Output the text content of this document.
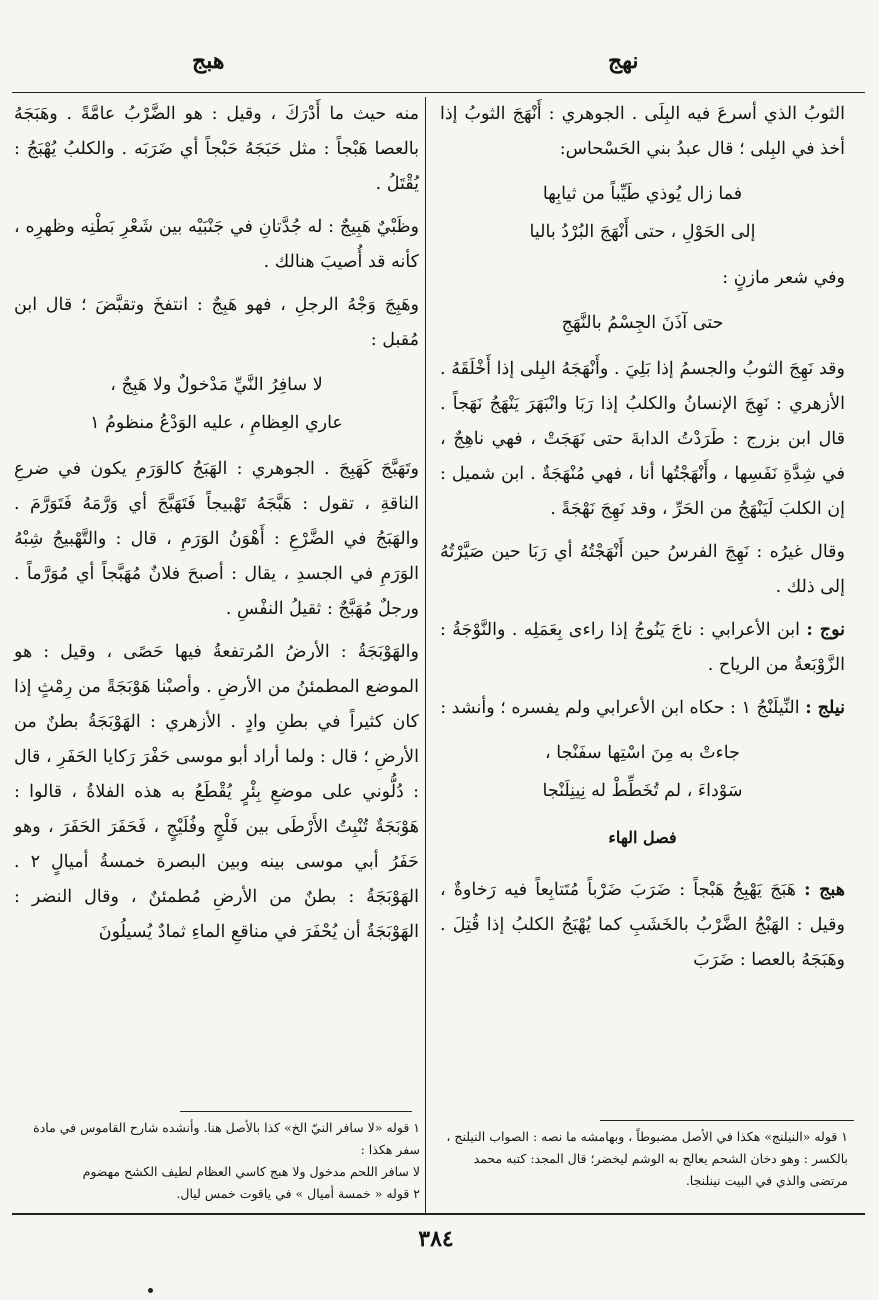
نهج
هبج

الثوبُ الذي أسرعَ فيه البِلَى . الجوهري : أَنْهَجَ الثوبُ إذا أخذ في البِلى ؛ قال عبدُ بني الحَسْحاس:

فما زال يُوذي طَيِّباً من ثيابِها
إلى الحَوْلِ ، حتى أَنْهَجَ البُرْدُ باليا

وفي شعر مازنٍ :

حتى آذَنَ الجِسْمُ بالنَّهَجِ

وقد نَهِجَ الثوبُ والجسمُ إذا بَلِيَ . وأَنْهَجَهُ البِلى إذا أَخْلَقَهُ . الأزهري : نَهِجَ الإنسانُ والكلبُ إذا رَبَا وانْبَهَرَ يَنْهَجُ نَهَجاً . قال ابن بزرج : طَرَدْتُ الدابةَ حتى نَهَجَتْ ، فهي ناهِجٌ ، في شِدَّةِ نَفَسِها ، وأَنْهَجْتُها أنا ، فهي مُنْهَجَةٌ . ابن شميل : إن الكلبَ لَيَنْهَجُ من الحَرِّ ، وقد نَهِجَ نَهْجَةً .

وقال غيرُه : نَهِجَ الفرسُ حين أَنْهَجْتُهُ أي رَبَا حين صَيَّرْتُهُ إلى ذلك .

نوج : ابن الأعرابي : ناجَ يَنُوجُ إذا راءى بِعَمَلِه . والنَّوْجَةُ : الزَّوْبَعةُ من الرياح .

نيلج : النِّيلَنْجُ ١ : حكاه ابن الأعرابي ولم يفسره ؛ وأنشد :

جاءتْ به مِنَ اسْتِها سفَنْجا ،
سَوْداءَ ، لم تُخَطِّطْ له نِينِلَنْجا
فصل الهاء

هبج : هَبَجَ يَهْبِجُ هَبْجاً : ضَرَبَ ضَرْباً مُتَتابِعاً فيه رَخاوةٌ ، وقيل : الهَبْجُ الضَّرْبُ بالخَشَبِ كما يُهْبَجُ الكلبُ إذا قُتِلَ . وهَبَجَهُ بالعصا : ضَرَبَ

منه حيث ما أَدْرَكَ ، وقيل : هو الضَّرْبُ عامَّةً . وهَبَجَهُ بالعصا هَبْجاً : مثل حَبَجَهُ حَبْجاً أي ضَرَبَه . والكلبُ يُهْبَجُ : يُقْتَلُ .

وظَبْيٌ هَبِيجٌ : له جُدَّتانِ في جَنْبَيْه بين شَعْرِ بَطْنِه وظهرِه ، كأنه قد أُصيبَ هنالك .

وهَبِجَ وَجْهُ الرجلِ ، فهو هَبِجٌ : انتفخَ وتقبَّضَ ؛ قال ابن مُقبل :

لا سافِرُ النَّيِّ مَدْخولٌ ولا هَبِجٌ ،
عاري العِظامِ ، عليه الوَدْعُ منظومُ ١

وتَهَبَّجَ كَهَبِجَ . الجوهري : الهَبَجُ كالوَرَمِ يكون في ضرعِ الناقةِ ، تقول : هَبَّجَهُ تَهْبيجاً فَتَهَبَّجَ أي وَرَّمَهُ فَتَوَرَّمَ . والهَبَجُ في الضَّرْعِ : أَهْوَنُ الوَرَمِ ، قال : والتَّهْبيجُ شِبْهُ الوَرَمِ في الجسدِ ، يقال : أصبحَ فلانٌ مُهَبَّجاً أي مُوَرَّماً . ورجلٌ مُهَبَّجٌ : ثقيلُ النفْسِ .

والهَوْبَجَةُ : الأرضُ المُرتفعةُ فيها حَصًى ، وقيل : هو الموضع المطمئنُ من الأرضِ . وأصبْنا هَوْبَجَةً من رِمْثٍ إذا كان كثيراً في بطنِ وادٍ . الأزهري : الهَوْبَجَةُ بطنٌ من الأرضِ ؛ قال : ولما أراد أبو موسى حَفْرَ رَكايا الحَفَرِ ، قال : دُلُّوني على موضعِ بِئْرٍ يُقْطَعُ به هذه الفلاةُ ، قالوا : هَوْبَجَةٌ تُنْبِتُ الأَرْطَى بين فَلْجٍ وفُلَيْجٍ ، فَحَفَرَ الحَفَرَ ، وهو حَفَرُ أبي موسى بينه وبين البصرة خمسةُ أميالٍ ٢ . الهَوْبَجَةُ : بطنٌ من الأرضِ مُطمئنٌ ، وقال النضر : الهَوْبَجَةُ أن يُحْفَرَ في مناقعِ الماءِ ثمادٌ يُسيلُونَ

١ قوله «النيلنج» هكذا في الأصل مضبوطاً ، وبهامشه ما نصه : الصواب النيلنج ، بالكسر : وهو دخان الشحم يعالج به الوشم ليخضر؛ قال المجد: كتبه محمد مرتضى والذي في البيت نينلنجا.
١ قوله «لا سافر النيّ الخ» كذا بالأصل هنا. وأنشده شارح القاموس في مادة سفر هكذا :
لا سافر اللحم مدخول ولا هبج كاسي العظام لطيف الكشح مهضوم
٢ قوله « خمسة أميال » في ياقوت خمس ليال.
٣٨٤
